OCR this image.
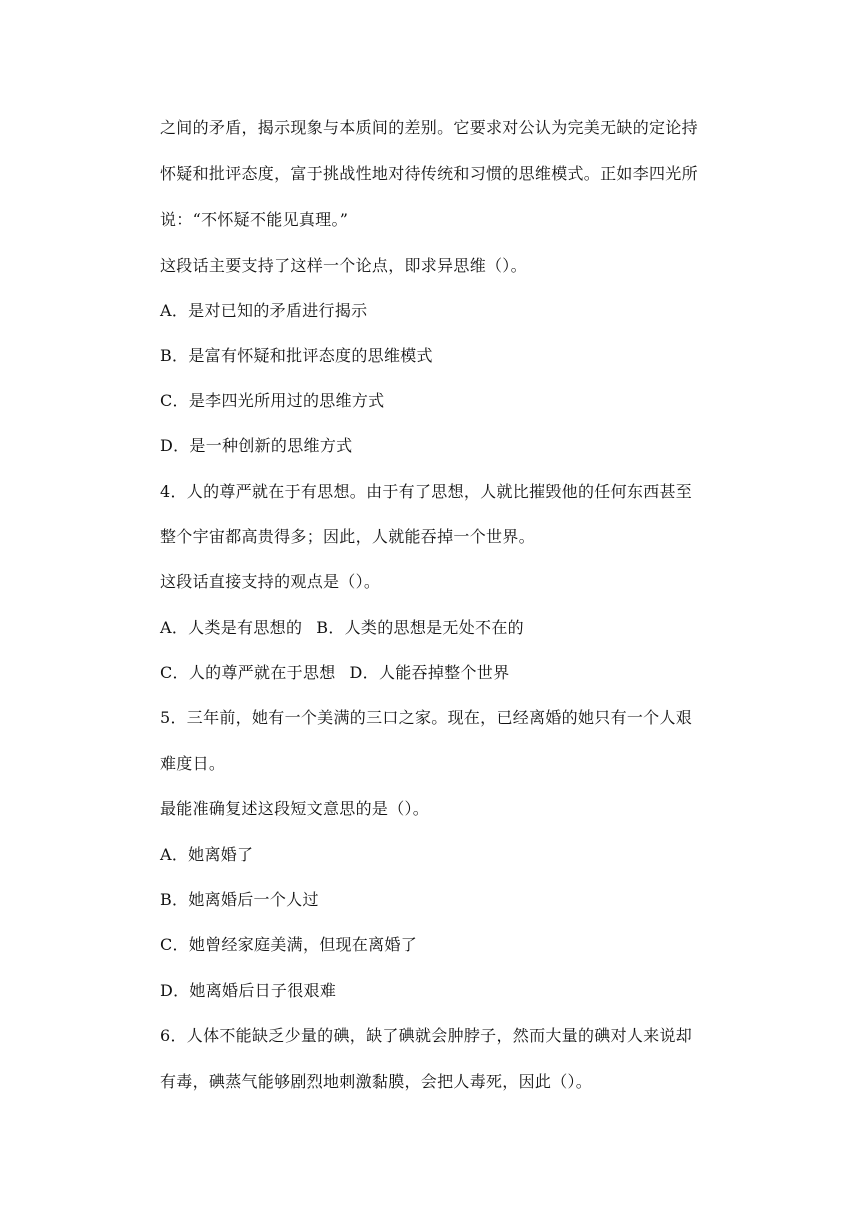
之间的矛盾，揭示现象与本质间的差别。它要求对公认为完美无缺的定论持
怀疑和批评态度，富于挑战性地对待传统和习惯的思维模式。正如李四光所
说：“不怀疑不能见真理。”
这段话主要支持了这样一个论点，即求异思维（）。
A．是对已知的矛盾进行揭示
B．是富有怀疑和批评态度的思维模式
C．是李四光所用过的思维方式
D．是一种创新的思维方式
4．人的尊严就在于有思想。由于有了思想，人就比摧毁他的任何东西甚至
整个宇宙都高贵得多；因此，人就能吞掉一个世界。
这段话直接支持的观点是（）。
A．人类是有思想的 B．人类的思想是无处不在的
C．人的尊严就在于思想 D．人能吞掉整个世界
5．三年前，她有一个美满的三口之家。现在，已经离婚的她只有一个人艰
难度日。
最能准确复述这段短文意思的是（）。
A．她离婚了
B．她离婚后一个人过
C．她曾经家庭美满，但现在离婚了
D．她离婚后日子很艰难
6．人体不能缺乏少量的碘，缺了碘就会肿脖子，然而大量的碘对人来说却
有毒，碘蒸气能够剧烈地刺激黏膜，会把人毒死，因此（）。
